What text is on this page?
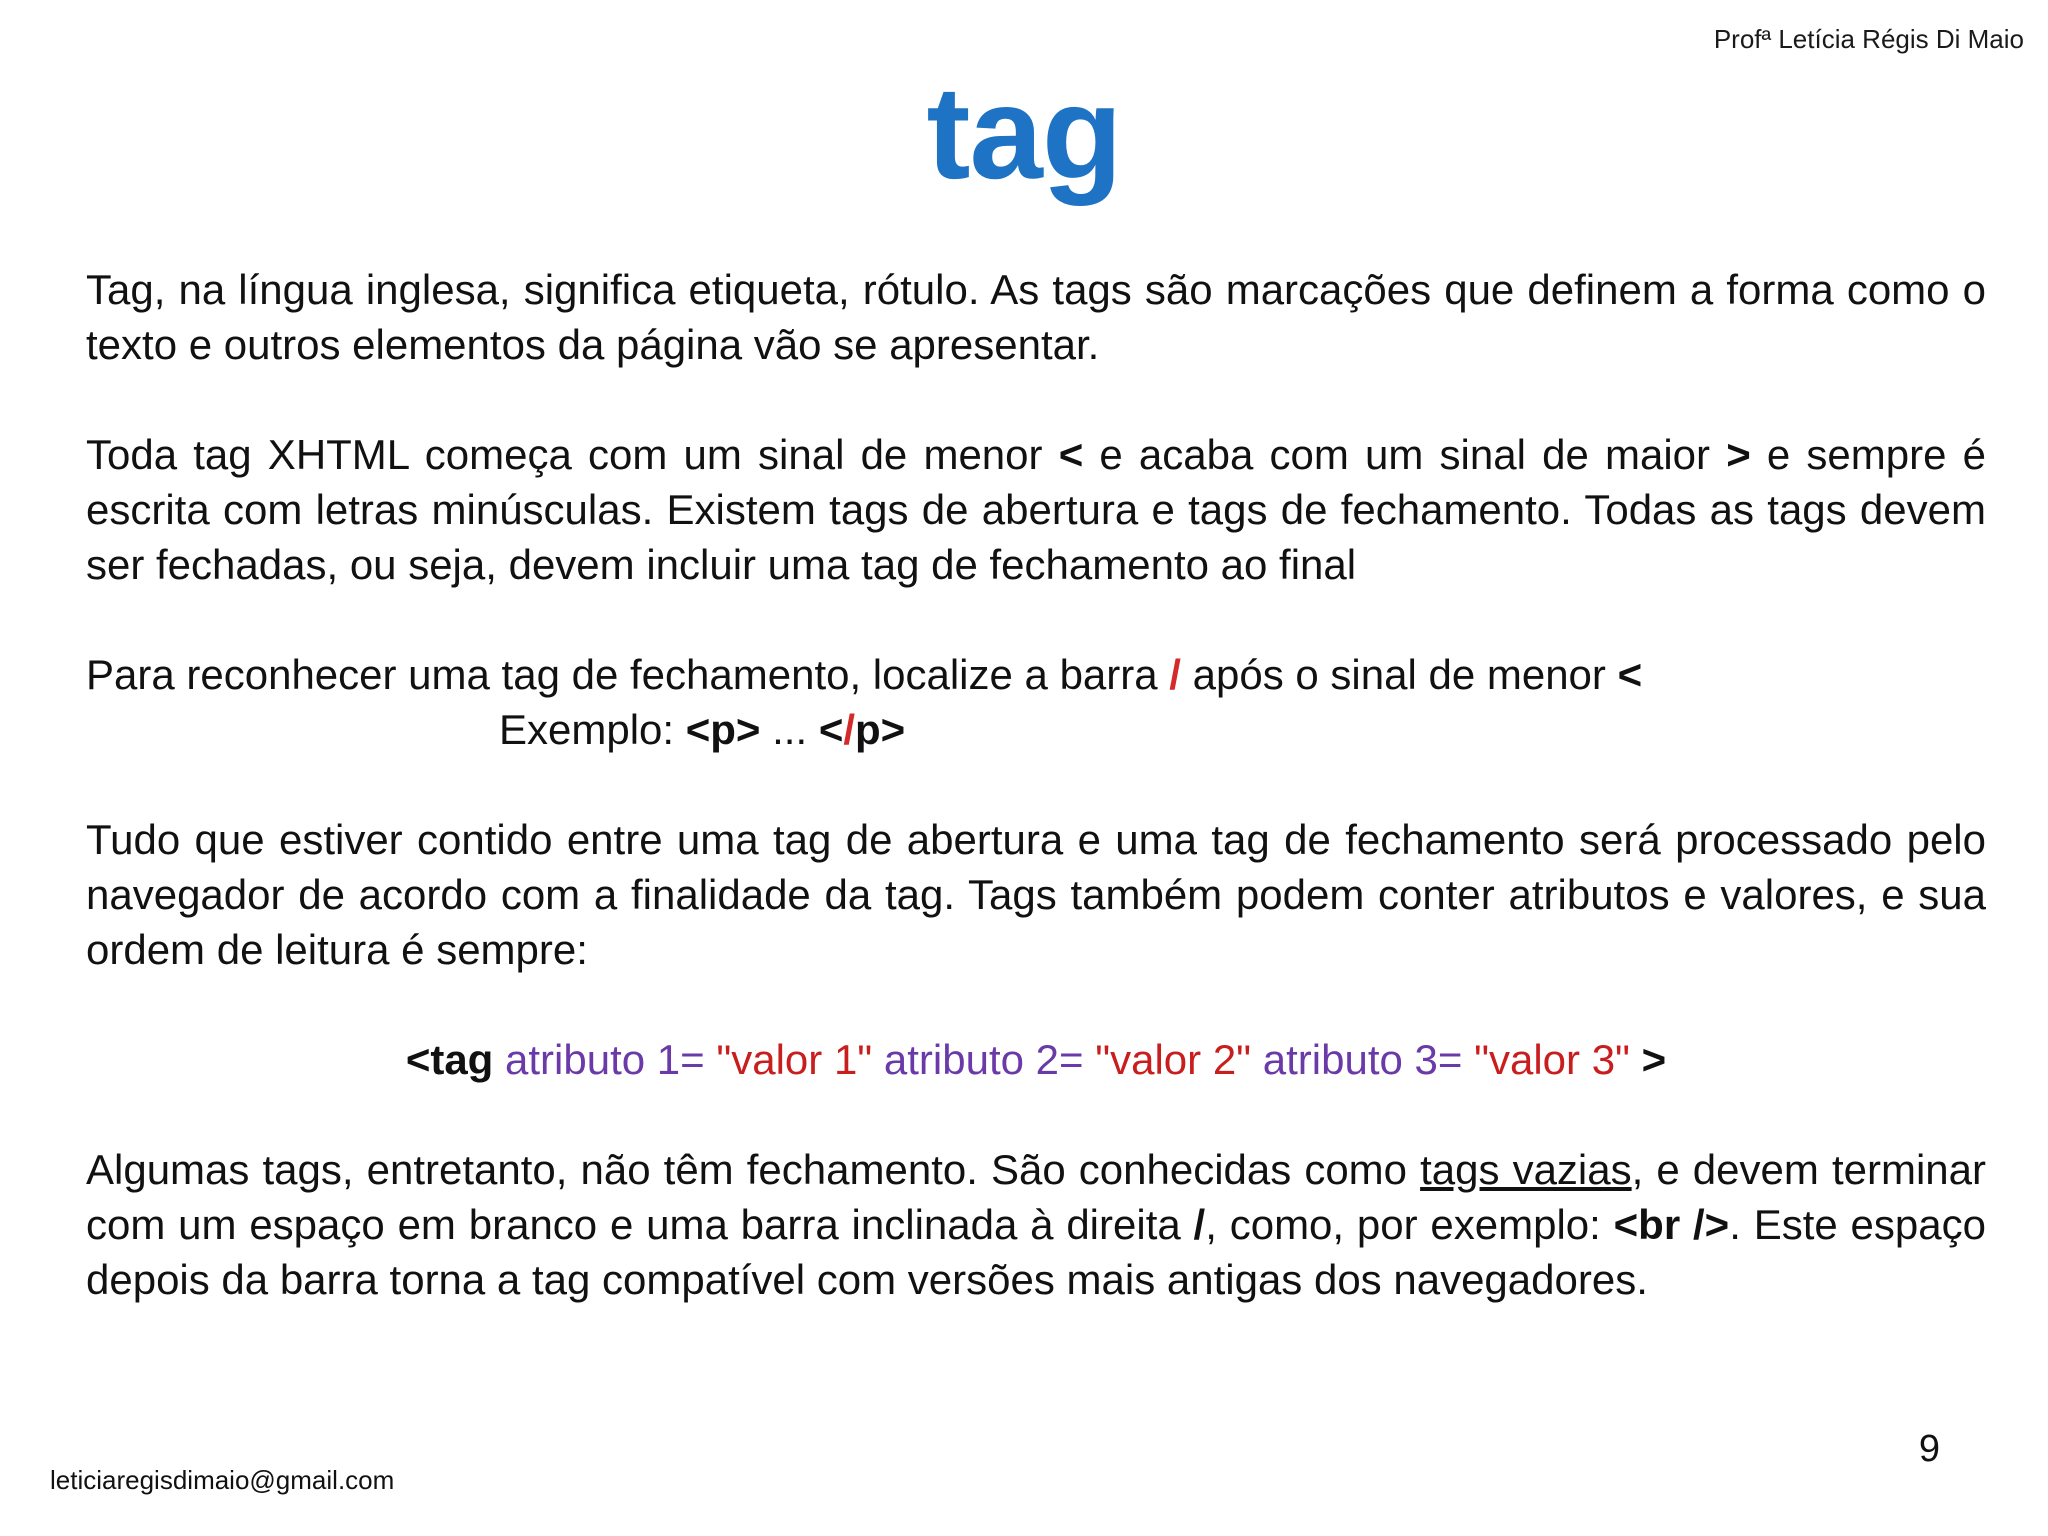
Profª Letícia Régis Di Maio
tag

Tag, na língua inglesa, significa etiqueta, rótulo. As tags são marcações que definem a forma como o texto e outros elementos da página vão se apresentar.

Toda tag XHTML começa com um sinal de menor < e acaba com um sinal de maior > e sempre é escrita com letras minúsculas. Existem tags de abertura e tags de fechamento. Todas as tags devem ser fechadas, ou seja, devem incluir uma tag de fechamento ao final

Para reconhecer uma tag de fechamento, localize a barra / após o sinal de menor <
Exemplo: <p> ... </p>

Tudo que estiver contido entre uma tag de abertura e uma tag de fechamento será processado pelo navegador de acordo com a finalidade da tag. Tags também podem conter atributos e valores, e sua ordem de leitura é sempre:

<tag atributo 1= "valor 1" atributo 2= "valor 2" atributo 3= "valor 3" >

Algumas tags, entretanto, não têm fechamento. São conhecidas como tags vazias, e devem terminar com um espaço em branco e uma barra inclinada à direita /, como, por exemplo: <br />. Este espaço depois da barra torna a tag compatível com versões mais antigas dos navegadores.

leticiaregisdimaio@gmail.com
9
